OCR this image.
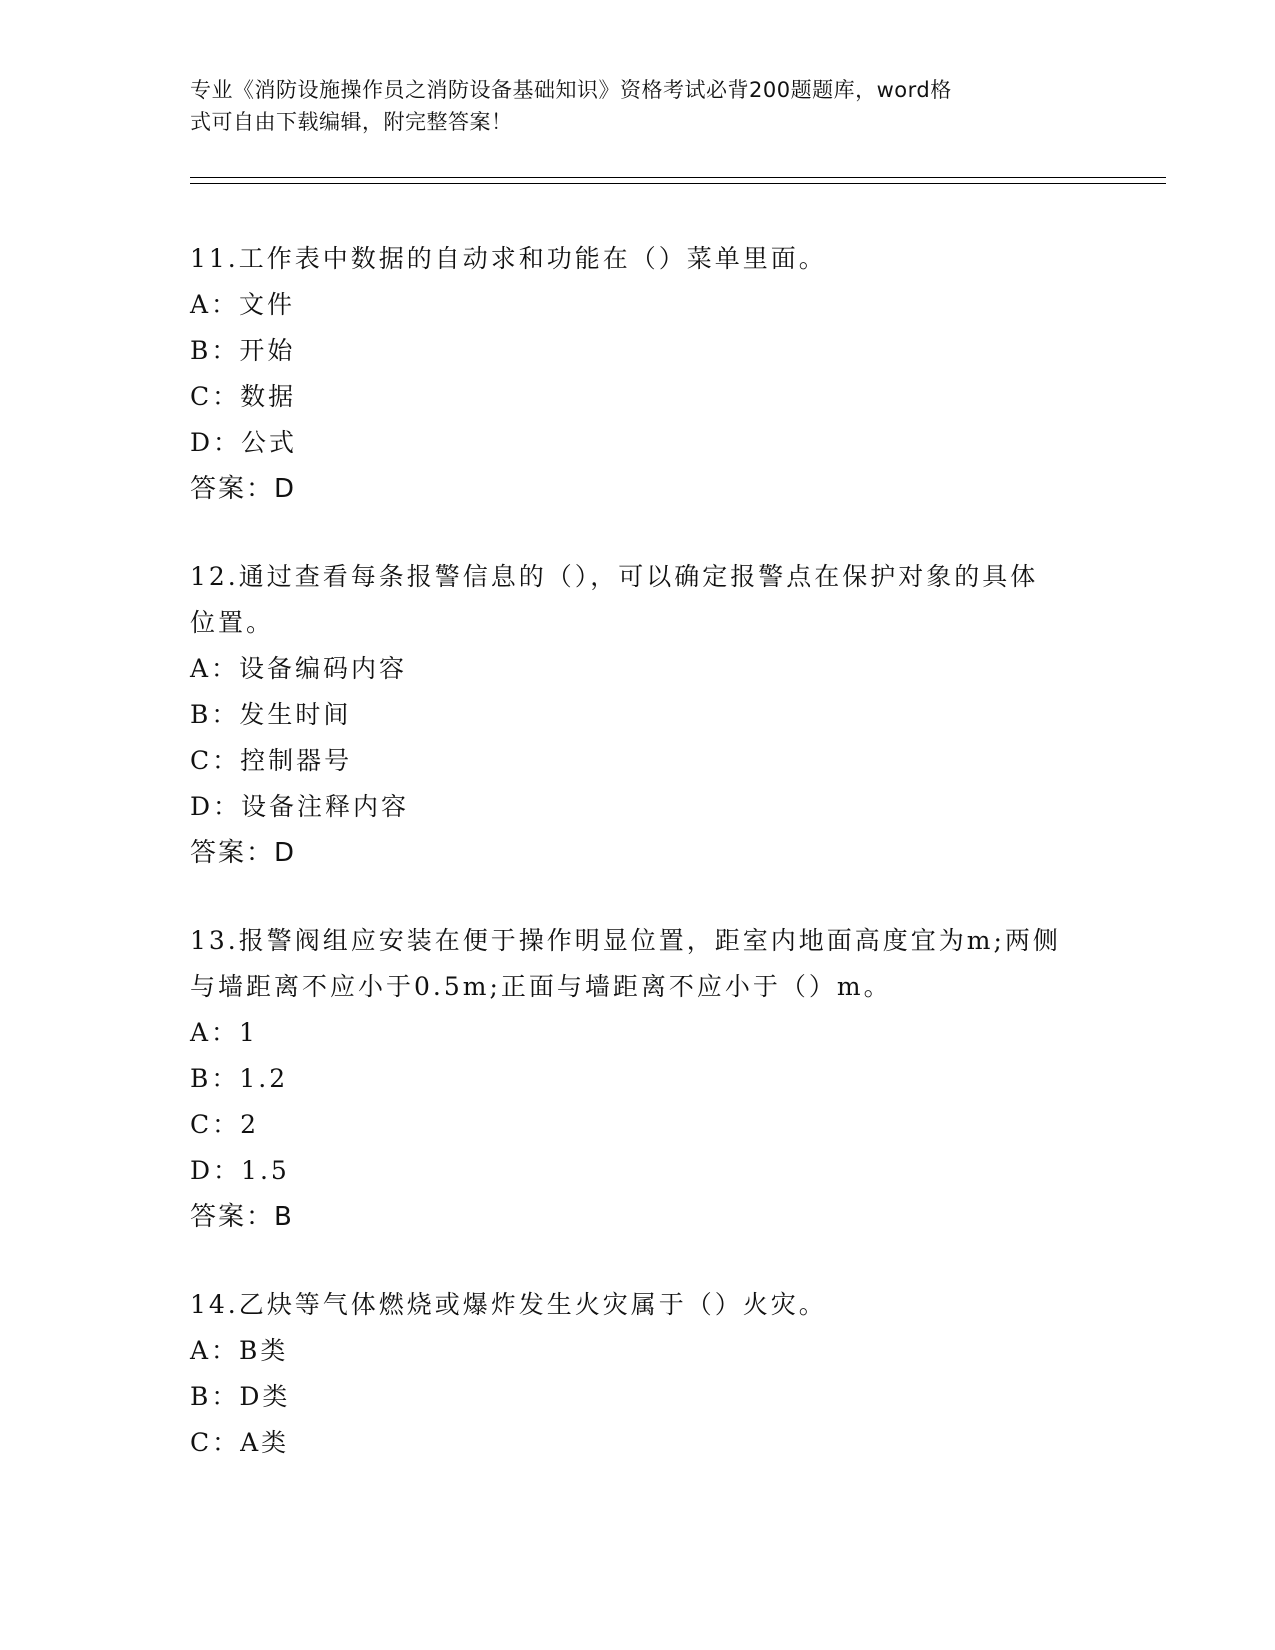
专业《消防设施操作员之消防设备基础知识》资格考试必背200题题库，word格
式可自由下载编辑，附完整答案！
11.工作表中数据的自动求和功能在（）菜单里面。
A：文件
B：开始
C：数据
D：公式
答案：D
12.通过查看每条报警信息的（），可以确定报警点在保护对象的具体
位置。
A：设备编码内容
B：发生时间
C：控制器号
D：设备注释内容
答案：D
13.报警阀组应安装在便于操作明显位置，距室内地面高度宜为m;两侧
与墙距离不应小于0.5m;正面与墙距离不应小于（）m。
A：1
B：1.2
C：2
D：1.5
答案：B
14.乙炔等气体燃烧或爆炸发生火灾属于（）火灾。
A：B类
B：D类
C：A类
